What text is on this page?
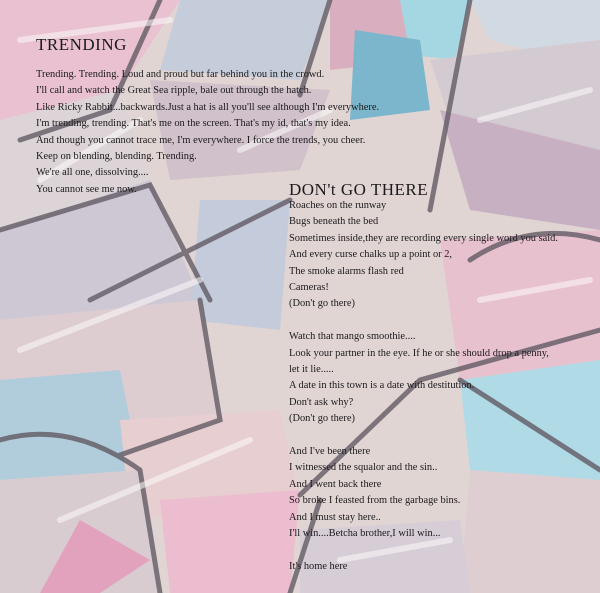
TRENDING
Trending. Trending. Loud and proud but far behind you in the crowd.
I'll call and watch the Great Sea ripple, bale out through the hatch.
Like Ricky Rabbit...backwards.Just a hat is all you'll see although I'm everywhere.
I'm trending, trending. That's me on the screen. That's my id, that's my idea.
And though you cannot trace me, I'm everywhere. I force the trends, you cheer.
Keep on blending, blending. Trending.
We're all one, dissolving....
You cannot see me now.	DON't GO THERE
Roaches on the runway
Bugs beneath the bed
Sometimes inside,they are recording every single word you said.
And every curse chalks up a point or 2,
The smoke alarms flash red
Cameras!
(Don't go there)
Watch that mango smoothie....
Look your partner in the eye. If he or she should drop a penny,
let it lie.....
A date in this town is a date with destitution.
Don't ask why?
(Don't go there)
And I've been there
I witnessed the squalor and the sin..
And I went back there
So broke I feasted from the garbage bins.
And I must stay here..
I'll win....Betcha brother,I will win...
It's home here
